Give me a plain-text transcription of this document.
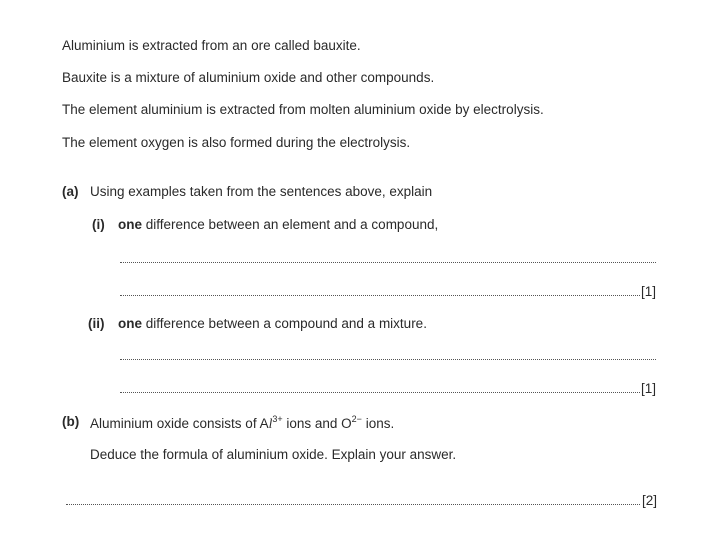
Aluminium is extracted from an ore called bauxite.
Bauxite is a mixture of aluminium oxide and other compounds.
The element aluminium is extracted from molten aluminium oxide by electrolysis.
The element oxygen is also formed during the electrolysis.
(a) Using examples taken from the sentences above, explain
(i) one difference between an element and a compound,
[1]
(ii) one difference between a compound and a mixture.
[1]
(b) Aluminium oxide consists of $Al^{3+}$ ions and $O^{2-}$ ions.
Deduce the formula of aluminium oxide. Explain your answer.
[2]
